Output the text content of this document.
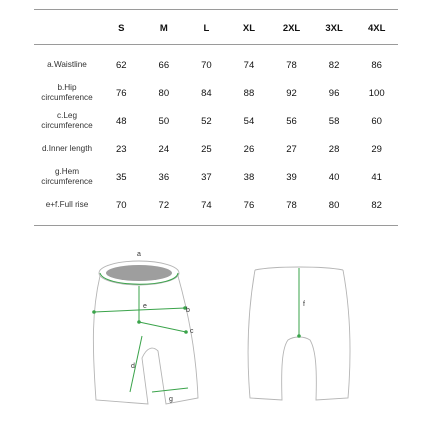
	S	M	L	XL	2XL	3XL	4XL
a.Waistline	62	66	70	74	78	82	86
b.Hip
circumference	76	80	84	88	92	96	100
c.Leg
circumference	48	50	52	54	56	58	60
d.Inner length	23	24	25	26	27	28	29
g.Hem
circumference	35	36	37	38	39	40	41
e+f.Full rise	70	72	74	76	78	80	82
a
e
b
c
d
g
f
